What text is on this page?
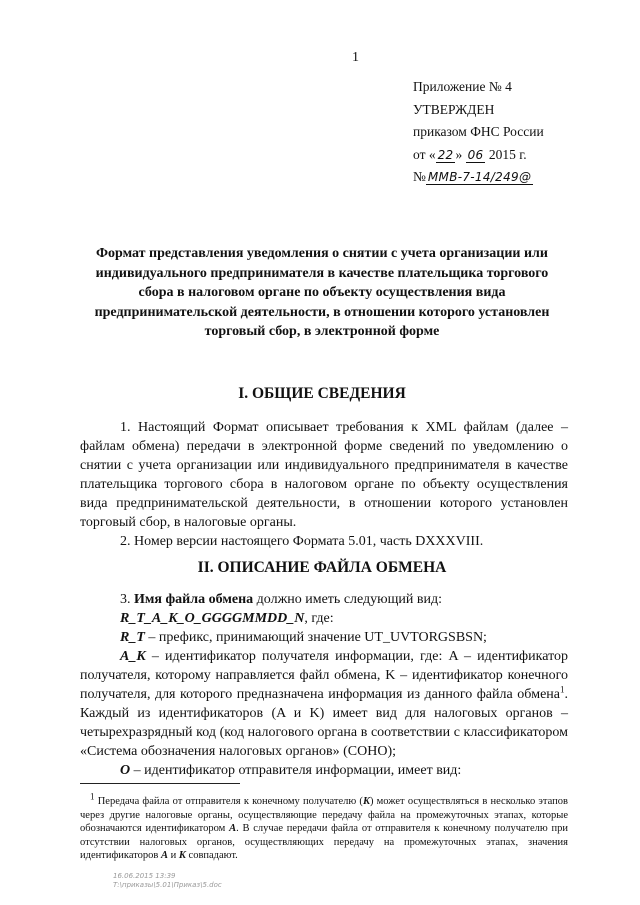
1
Приложение № 4
УТВЕРЖДЕН
приказом ФНС России
от « 22 » 06 2015 г.
№ ММВ-7-14/249@
Формат представления уведомления о снятии с учета организации или индивидуального предпринимателя в качестве плательщика торгового сбора в налоговом органе по объекту осуществления вида предпринимательской деятельности, в отношении которого установлен торговый сбор, в электронной форме
I. ОБЩИЕ СВЕДЕНИЯ

1. Настоящий Формат описывает требования к XML файлам (далее – файлам обмена) передачи в электронной форме сведений по уведомлению о снятии с учета организации или индивидуального предпринимателя в качестве плательщика торгового сбора в налоговом органе по объекту осуществления вида предпринимательской деятельности, в отношении которого установлен торговый сбор, в налоговые органы.

2. Номер версии настоящего Формата 5.01, часть DXXXVIII.

II. ОПИСАНИЕ ФАЙЛА ОБМЕНА

3. Имя файла обмена должно иметь следующий вид:

R_T_A_K_O_GGGGMMDD_N, где:

R_T – префикс, принимающий значение UT_UVTORGSBSN;

A_K – идентификатор получателя информации, где: A – идентификатор получателя, которому направляется файл обмена, K – идентификатор конечного получателя, для которого предназначена информация из данного файла обмена$^1$. Каждый из идентификаторов (A и K) имеет вид для налоговых органов – четырехразрядный код (код налогового органа в соответствии с классификатором «Система обозначения налоговых органов» (СОНО);

O – идентификатор отправителя информации, имеет вид:

$^1$ Передача файла от отправителя к конечному получателю (K) может осуществляться в несколько этапов через другие налоговые органы, осуществляющие передачу файла на промежуточных этапах, которые обозначаются идентификатором A. В случае передачи файла от отправителя к конечному получателю при отсутствии налоговых органов, осуществляющих передачу на промежуточных этапах, значения идентификаторов A и K совпадают.

16.06.2015 13:39
Т:\приказы\5.01\Приказ\5.doc
